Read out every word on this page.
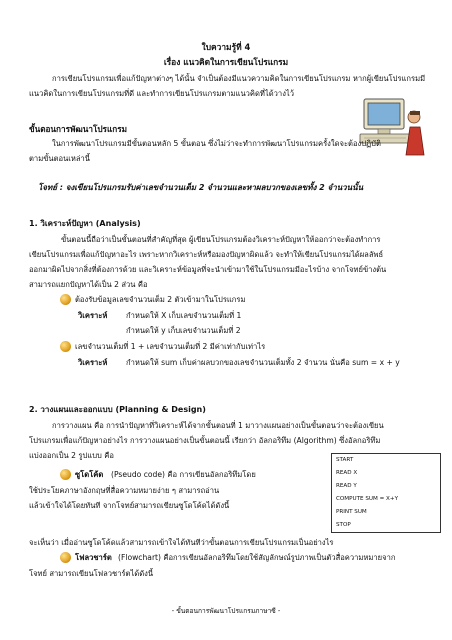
ใบความรู้ที่ 4
เรื่อง แนวคิดในการเขียนโปรแกรม
การเขียนโปรแกรมเพื่อแก้ปัญหาต่างๆ ได้นั้น จำเป็นต้องมีแนวความคิดในการเขียนโปรแกรม หากผู้เขียนโปรแกรมมี
แนวคิดในการเขียนโปรแกรมที่ดี และทำการเขียนโปรแกรมตามแนวคิดที่ได้วางไว้
ขั้นตอนการพัฒนาโปรแกรม
ในการพัฒนาโปรแกรมมีขั้นตอนหลัก 5 ขั้นตอน ซึ่งไม่ว่าจะทำการพัฒนาโปรแกรมครั้งใดจะต้องปฏิบัติ
ตามขั้นตอนเหล่านี้
โจทย์ : จงเขียนโปรแกรมรับค่าเลขจำนวนเต็ม 2 จำนวนและหาผลบวกของเลขทั้ง 2 จำนวนนั้น
1. วิเคราะห์ปัญหา (Analysis)
ขั้นตอนนี้ถือว่าเป็นขั้นตอนที่สำคัญที่สุด ผู้เขียนโปรแกรมต้องวิเคราะห์ปัญหาให้ออกว่าจะต้องทำการ
เขียนโปรแกรมเพื่อแก้ปัญหาอะไร เพราะหากวิเคราะห์หรือมองปัญหาผิดแล้ว จะทำให้เขียนโปรแกรมได้ผลลัพธ์
ออกมาผิดไปจากสิ่งที่ต้องการด้วย และวิเคราะห์ข้อมูลที่จะนำเข้ามาใช้ในโปรแกรมมีอะไรบ้าง จากโจทย์ข้างต้น
สามารถแยกปัญหาได้เป็น 2 ส่วน คือ
ต้องรับข้อมูลเลขจำนวนเต็ม 2 ตัวเข้ามาในโปรแกรม
วิเคราะห์ กำหนดให้ X เก็บเลขจำนวนเต็มที่ 1
กำหนดให้ y เก็บเลขจำนวนเต็มที่ 2
เลขจำนวนเต็มที่ 1 + เลขจำนวนเต็มที่ 2 มีค่าเท่ากับเท่าไร
วิเคราะห์ กำหนดให้ sum เก็บค่าผลบวกของเลขจำนวนเต็มทั้ง 2 จำนวน นั่นคือ sum = x + y
2. วางแผนและออกแบบ (Planning & Design)
การวางแผน คือ การนำปัญหาที่วิเคราะห์ได้จากขั้นตอนที่ 1 มาวางแผนอย่างเป็นขั้นตอนว่าจะต้องเขียน
โปรแกรมเพื่อแก้ปัญหาอย่างไร การวางแผนอย่างเป็นขั้นตอนนี้ เรียกว่า อัลกอริทึม (Algorithm) ซึ่งอัลกอริทึม
แบ่งออกเป็น 2 รูปแบบ คือ
ซูโดโค้ด (Pseudo code) คือ การเขียนอัลกอริทึมโดย
ใช้ประโยคภาษาอังกฤษที่สื่อความหมายง่าย ๆ สามารถอ่าน
แล้วเข้าใจได้โดยทันที จากโจทย์สามารถเขียนซูโดโค้ดได้ดังนี้
START
READ X
READ Y
COMPUTE SUM = X+Y
PRINT SUM
STOP
จะเห็นว่า เมื่ออ่านซูโดโค้ดแล้วสามารถเข้าใจได้ทันทีว่าขั้นตอนการเขียนโปรแกรมเป็นอย่างไร
โฟลวชาร์ต (Flowchart) คือการเขียนอัลกอริทึมโดยใช้สัญลักษณ์รูปภาพเป็นตัวสื่อความหมายจาก
โจทย์ สามารถเขียนโฟลวชาร์ตได้ดังนี้
- ขั้นตอนการพัฒนาโปรแกรมภาษาซี -
